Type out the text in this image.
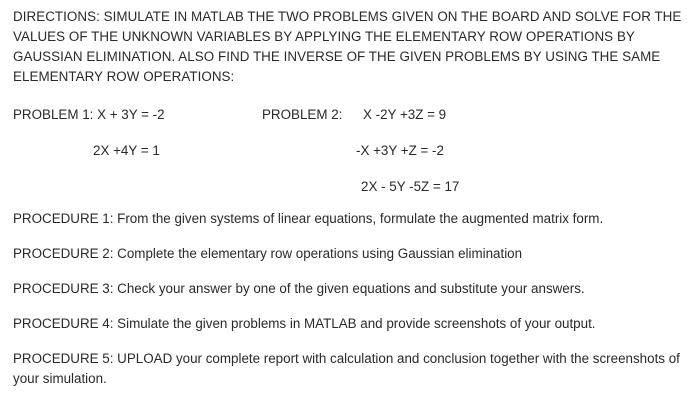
DIRECTIONS: SIMULATE IN MATLAB THE TWO PROBLEMS GIVEN ON THE BOARD AND SOLVE FOR THE VALUES OF THE UNKNOWN VARIABLES BY APPLYING THE ELEMENTARY ROW OPERATIONS BY GAUSSIAN ELIMINATION. ALSO FIND THE INVERSE OF THE GIVEN PROBLEMS BY USING THE SAME ELEMENTARY ROW OPERATIONS:

PROBLEM 1: X + 3Y = -2
2X +4Y = 1
PROBLEM 2: X -2Y +3Z = 9
-X +3Y +Z = -2
2X - 5Y -5Z = 17

PROCEDURE 1: From the given systems of linear equations, formulate the augmented matrix form.

PROCEDURE 2: Complete the elementary row operations using Gaussian elimination

PROCEDURE 3: Check your answer by one of the given equations and substitute your answers.

PROCEDURE 4: Simulate the given problems in MATLAB and provide screenshots of your output.

PROCEDURE 5: UPLOAD your complete report with calculation and conclusion together with the screenshots of your simulation.
